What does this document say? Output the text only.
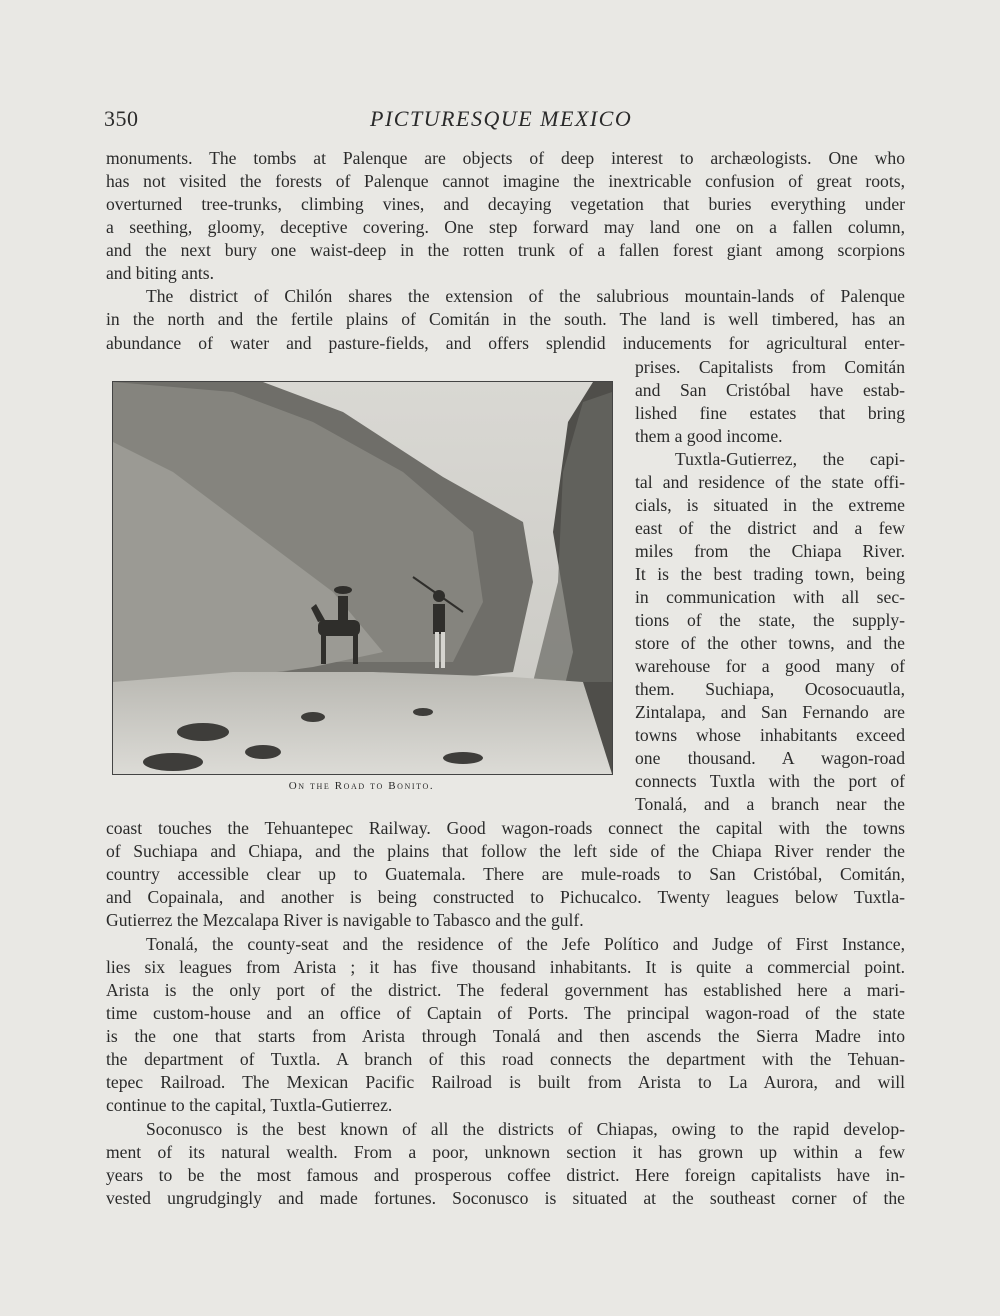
350	PICTURESQUE MEXICO
monuments. The tombs at Palenque are objects of deep interest to archæologists. One who
has not visited the forests of Palenque cannot imagine the inextricable confusion of great roots,
overturned tree-trunks, climbing vines, and decaying vegetation that buries everything under
a seething, gloomy, deceptive covering. One step forward may land one on a fallen column,
and the next bury one waist-deep in the rotten trunk of a fallen forest giant among scorpions
and biting ants.
The district of Chilón shares the extension of the salubrious mountain-lands of Palenque
in the north and the fertile plains of Comitán in the south. The land is well timbered, has an
abundance of water and pasture-fields, and offers splendid inducements for agricultural enter-
On the Road to Bonito.
prises. Capitalists from Comitán
and San Cristóbal have estab-
lished fine estates that bring
them a good income.
Tuxtla-Gutierrez, the capi-
tal and residence of the state offi-
cials, is situated in the extreme
east of the district and a few
miles from the Chiapa River.
It is the best trading town, being
in communication with all sec-
tions of the state, the supply-
store of the other towns, and the
warehouse for a good many of
them. Suchiapa, Ocosocuautla,
Zintalapa, and San Fernando are
towns whose inhabitants exceed
one thousand. A wagon-road
connects Tuxtla with the port of
Tonalá, and a branch near the
coast touches the Tehuantepec Railway. Good wagon-roads connect the capital with the towns
of Suchiapa and Chiapa, and the plains that follow the left side of the Chiapa River render the
country accessible clear up to Guatemala. There are mule-roads to San Cristóbal, Comitán,
and Copainala, and another is being constructed to Pichucalco. Twenty leagues below Tuxtla-
Gutierrez the Mezcalapa River is navigable to Tabasco and the gulf.
Tonalá, the county-seat and the residence of the Jefe Político and Judge of First Instance,
lies six leagues from Arista ; it has five thousand inhabitants. It is quite a commercial point.
Arista is the only port of the district. The federal government has established here a mari-
time custom-house and an office of Captain of Ports. The principal wagon-road of the state
is the one that starts from Arista through Tonalá and then ascends the Sierra Madre into
the department of Tuxtla. A branch of this road connects the department with the Tehuan-
tepec Railroad. The Mexican Pacific Railroad is built from Arista to La Aurora, and will
continue to the capital, Tuxtla-Gutierrez.
Soconusco is the best known of all the districts of Chiapas, owing to the rapid develop-
ment of its natural wealth. From a poor, unknown section it has grown up within a few
years to be the most famous and prosperous coffee district. Here foreign capitalists have in-
vested ungrudgingly and made fortunes. Soconusco is situated at the southeast corner of the
